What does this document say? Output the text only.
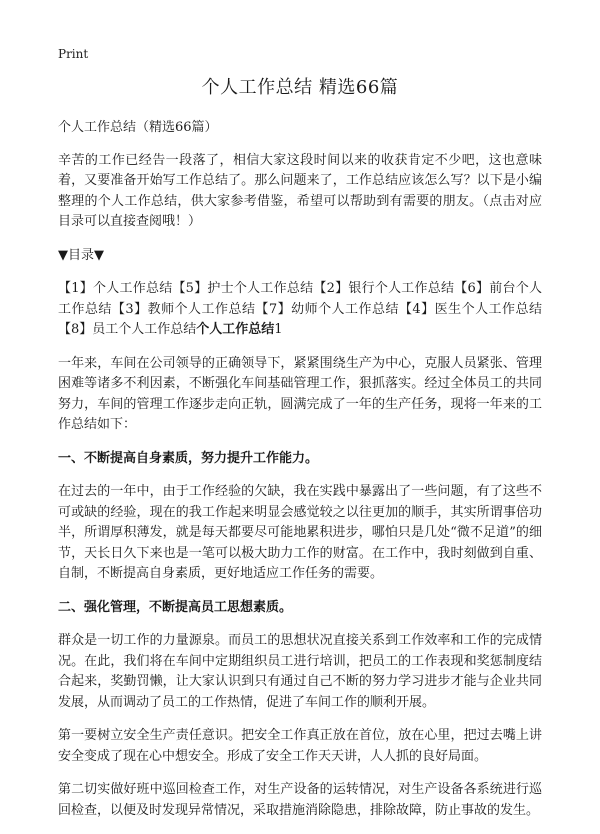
Print
个人工作总结 精选66篇

个人工作总结（精选66篇）

辛苦的工作已经告一段落了，相信大家这段时间以来的收获肯定不少吧，这也意味着，又要准备开始写工作总结了。那么问题来了，工作总结应该怎么写？以下是小编整理的个人工作总结，供大家参考借鉴，希望可以帮助到有需要的朋友。（点击对应目录可以直接查阅哦！）

▼目录▼

【1】个人工作总结【5】护士个人工作总结【2】银行个人工作总结【6】前台个人工作总结【3】教师个人工作总结【7】幼师个人工作总结【4】医生个人工作总结【8】员工个人工作总结个人工作总结1

一年来，车间在公司领导的正确领导下，紧紧围绕生产为中心，克服人员紧张、管理困难等诸多不利因素，不断强化车间基础管理工作，狠抓落实。经过全体员工的共同努力，车间的管理工作逐步走向正轨，圆满完成了一年的生产任务，现将一年来的工作总结如下：

一、不断提高自身素质，努力提升工作能力。

在过去的一年中，由于工作经验的欠缺，我在实践中暴露出了一些问题，有了这些不可或缺的经验，现在的我工作起来明显会感觉较之以往更加的顺手，其实所谓事倍功半，所谓厚积薄发，就是每天都要尽可能地累积进步，哪怕只是几处“微不足道”的细节，天长日久下来也是一笔可以极大助力工作的财富。在工作中，我时刻做到自重、自制，不断提高自身素质，更好地适应工作任务的需要。

二、强化管理，不断提高员工思想素质。

群众是一切工作的力量源泉。而员工的思想状况直接关系到工作效率和工作的完成情况。在此，我们将在车间中定期组织员工进行培训，把员工的工作表现和奖惩制度结合起来，奖勤罚懒，让大家认识到只有通过自己不断的努力学习进步才能与企业共同发展，从而调动了员工的工作热情，促进了车间工作的顺利开展。

第一要树立安全生产责任意识。把安全工作真正放在首位，放在心里，把过去嘴上讲安全变成了现在心中想安全。形成了安全工作天天讲，人人抓的良好局面。

第二切实做好班中巡回检查工作，对生产设备的运转情况，对生产设备各系统进行巡回检查，以便及时发现异常情况，采取措施消除隐患，排除故障，防止事故的发生。
